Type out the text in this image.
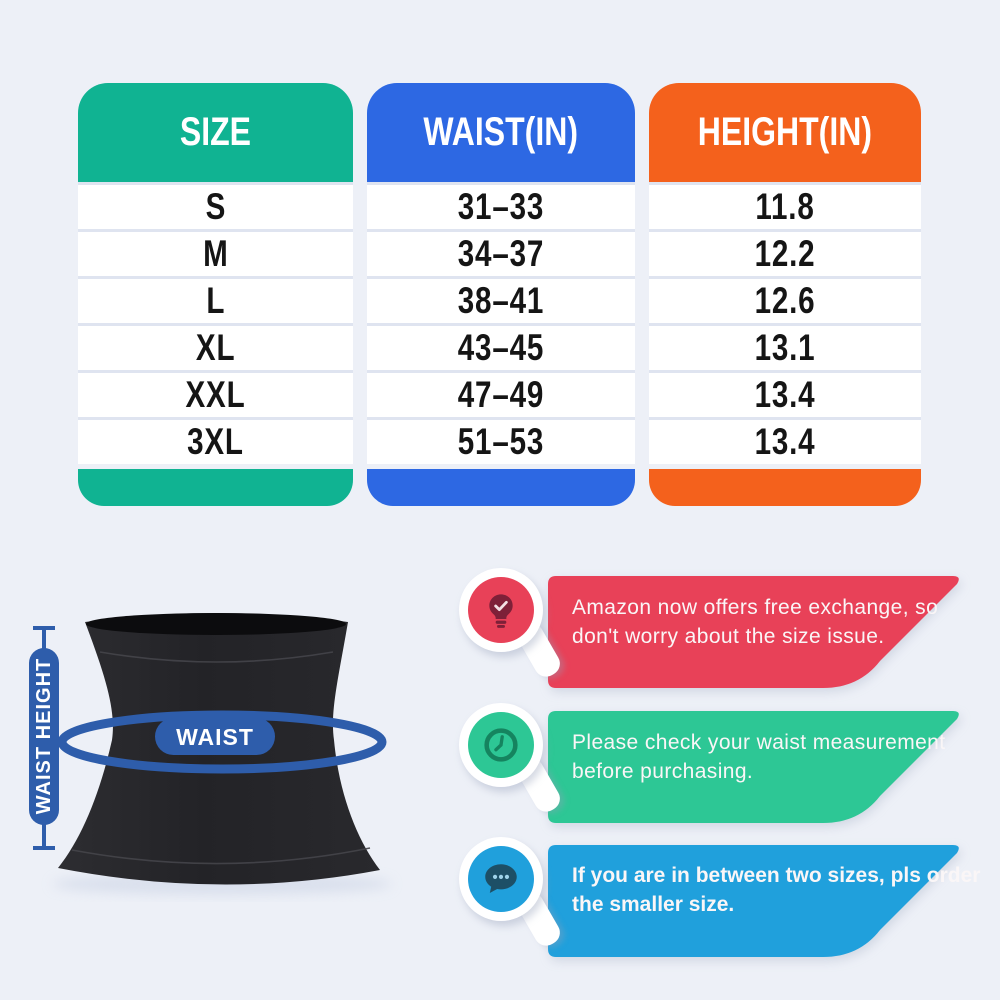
SIZE
S
M
L
XL
XXL
3XL
WAIST(IN)
31–33
34–37
38–41
43–45
47–49
51–53
HEIGHT(IN)
11.8
12.2
12.6
13.1
13.4
13.4
WAIST HEIGHT	WAIST
Amazon now offers free exchange, so
don't worry about the size issue.
Please check your waist measurement
before purchasing.
If you are in between two sizes, pls order
the smaller size.
